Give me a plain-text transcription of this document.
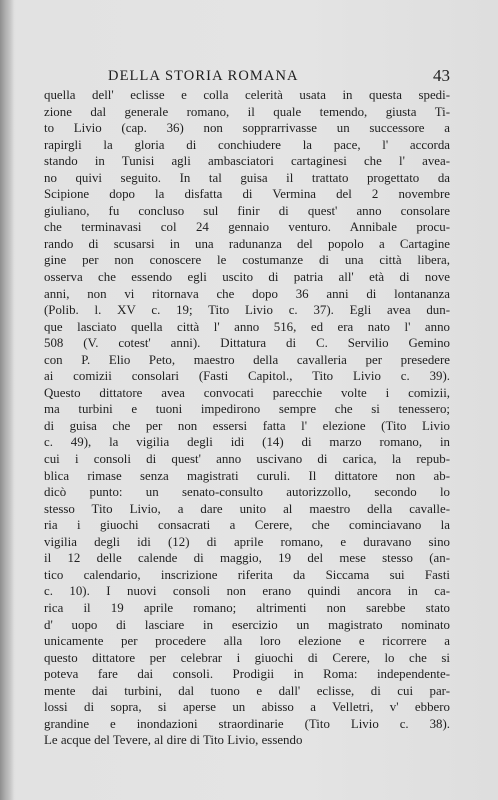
DELLA STORIA ROMANA	43
quella dell' eclisse e colla celerità usata in questa spedi-
zione dal generale romano, il quale temendo, giusta Ti-
to Livio (cap. 36) non sopprarrivasse un successore a
rapirgli la gloria di conchiudere la pace, l' accorda
stando in Tunisi agli ambasciatori cartaginesi che l' avea-
no quivi seguito. In tal guisa il trattato progettato da
Scipione dopo la disfatta di Vermina del 2 novembre
giuliano, fu concluso sul finir di quest' anno consolare
che terminavasi col 24 gennaio venturo. Annibale procu-
rando di scusarsi in una radunanza del popolo a Cartagine
gine per non conoscere le costumanze di una città libera,
osserva che essendo egli uscito di patria all' età di nove
anni, non vi ritornava che dopo 36 anni di lontananza
(Polib. l. XV c. 19; Tito Livio c. 37). Egli avea dun-
que lasciato quella città l' anno 516, ed era nato l' anno
508 (V. cotest' anni). Dittatura di C. Servilio Gemino
con P. Elio Peto, maestro della cavalleria per presedere
ai comizii consolari (Fasti Capitol., Tito Livio c. 39).
Questo dittatore avea convocati parecchie volte i comizii,
ma turbini e tuoni impedirono sempre che si tenessero;
di guisa che per non essersi fatta l' elezione (Tito Livio
c. 49), la vigilia degli idi (14) di marzo romano, in
cui i consoli di quest' anno uscivano di carica, la repub-
blica rimase senza magistrati curuli. Il dittatore non ab-
dicò punto: un senato-consulto autorizzollo, secondo lo
stesso Tito Livio, a dare unito al maestro della cavalle-
ria i giuochi consacrati a Cerere, che cominciavano la
vigilia degli idi (12) di aprile romano, e duravano sino
il 12 delle calende di maggio, 19 del mese stesso (an-
tico calendario, inscrizione riferita da Siccama sui Fasti
c. 10). I nuovi consoli non erano quindi ancora in ca-
rica il 19 aprile romano; altrimenti non sarebbe stato
d' uopo di lasciare in esercizio un magistrato nominato
unicamente per procedere alla loro elezione e ricorrere a
questo dittatore per celebrar i giuochi di Cerere, lo che si
poteva fare dai consoli. Prodigii in Roma: independente-
mente dai turbini, dal tuono e dall' eclisse, di cui par-
lossi di sopra, si aperse un abisso a Velletri, v' ebbero
grandine e inondazioni straordinarie (Tito Livio c. 38).
Le acque del Tevere, al dire di Tito Livio, essendo
